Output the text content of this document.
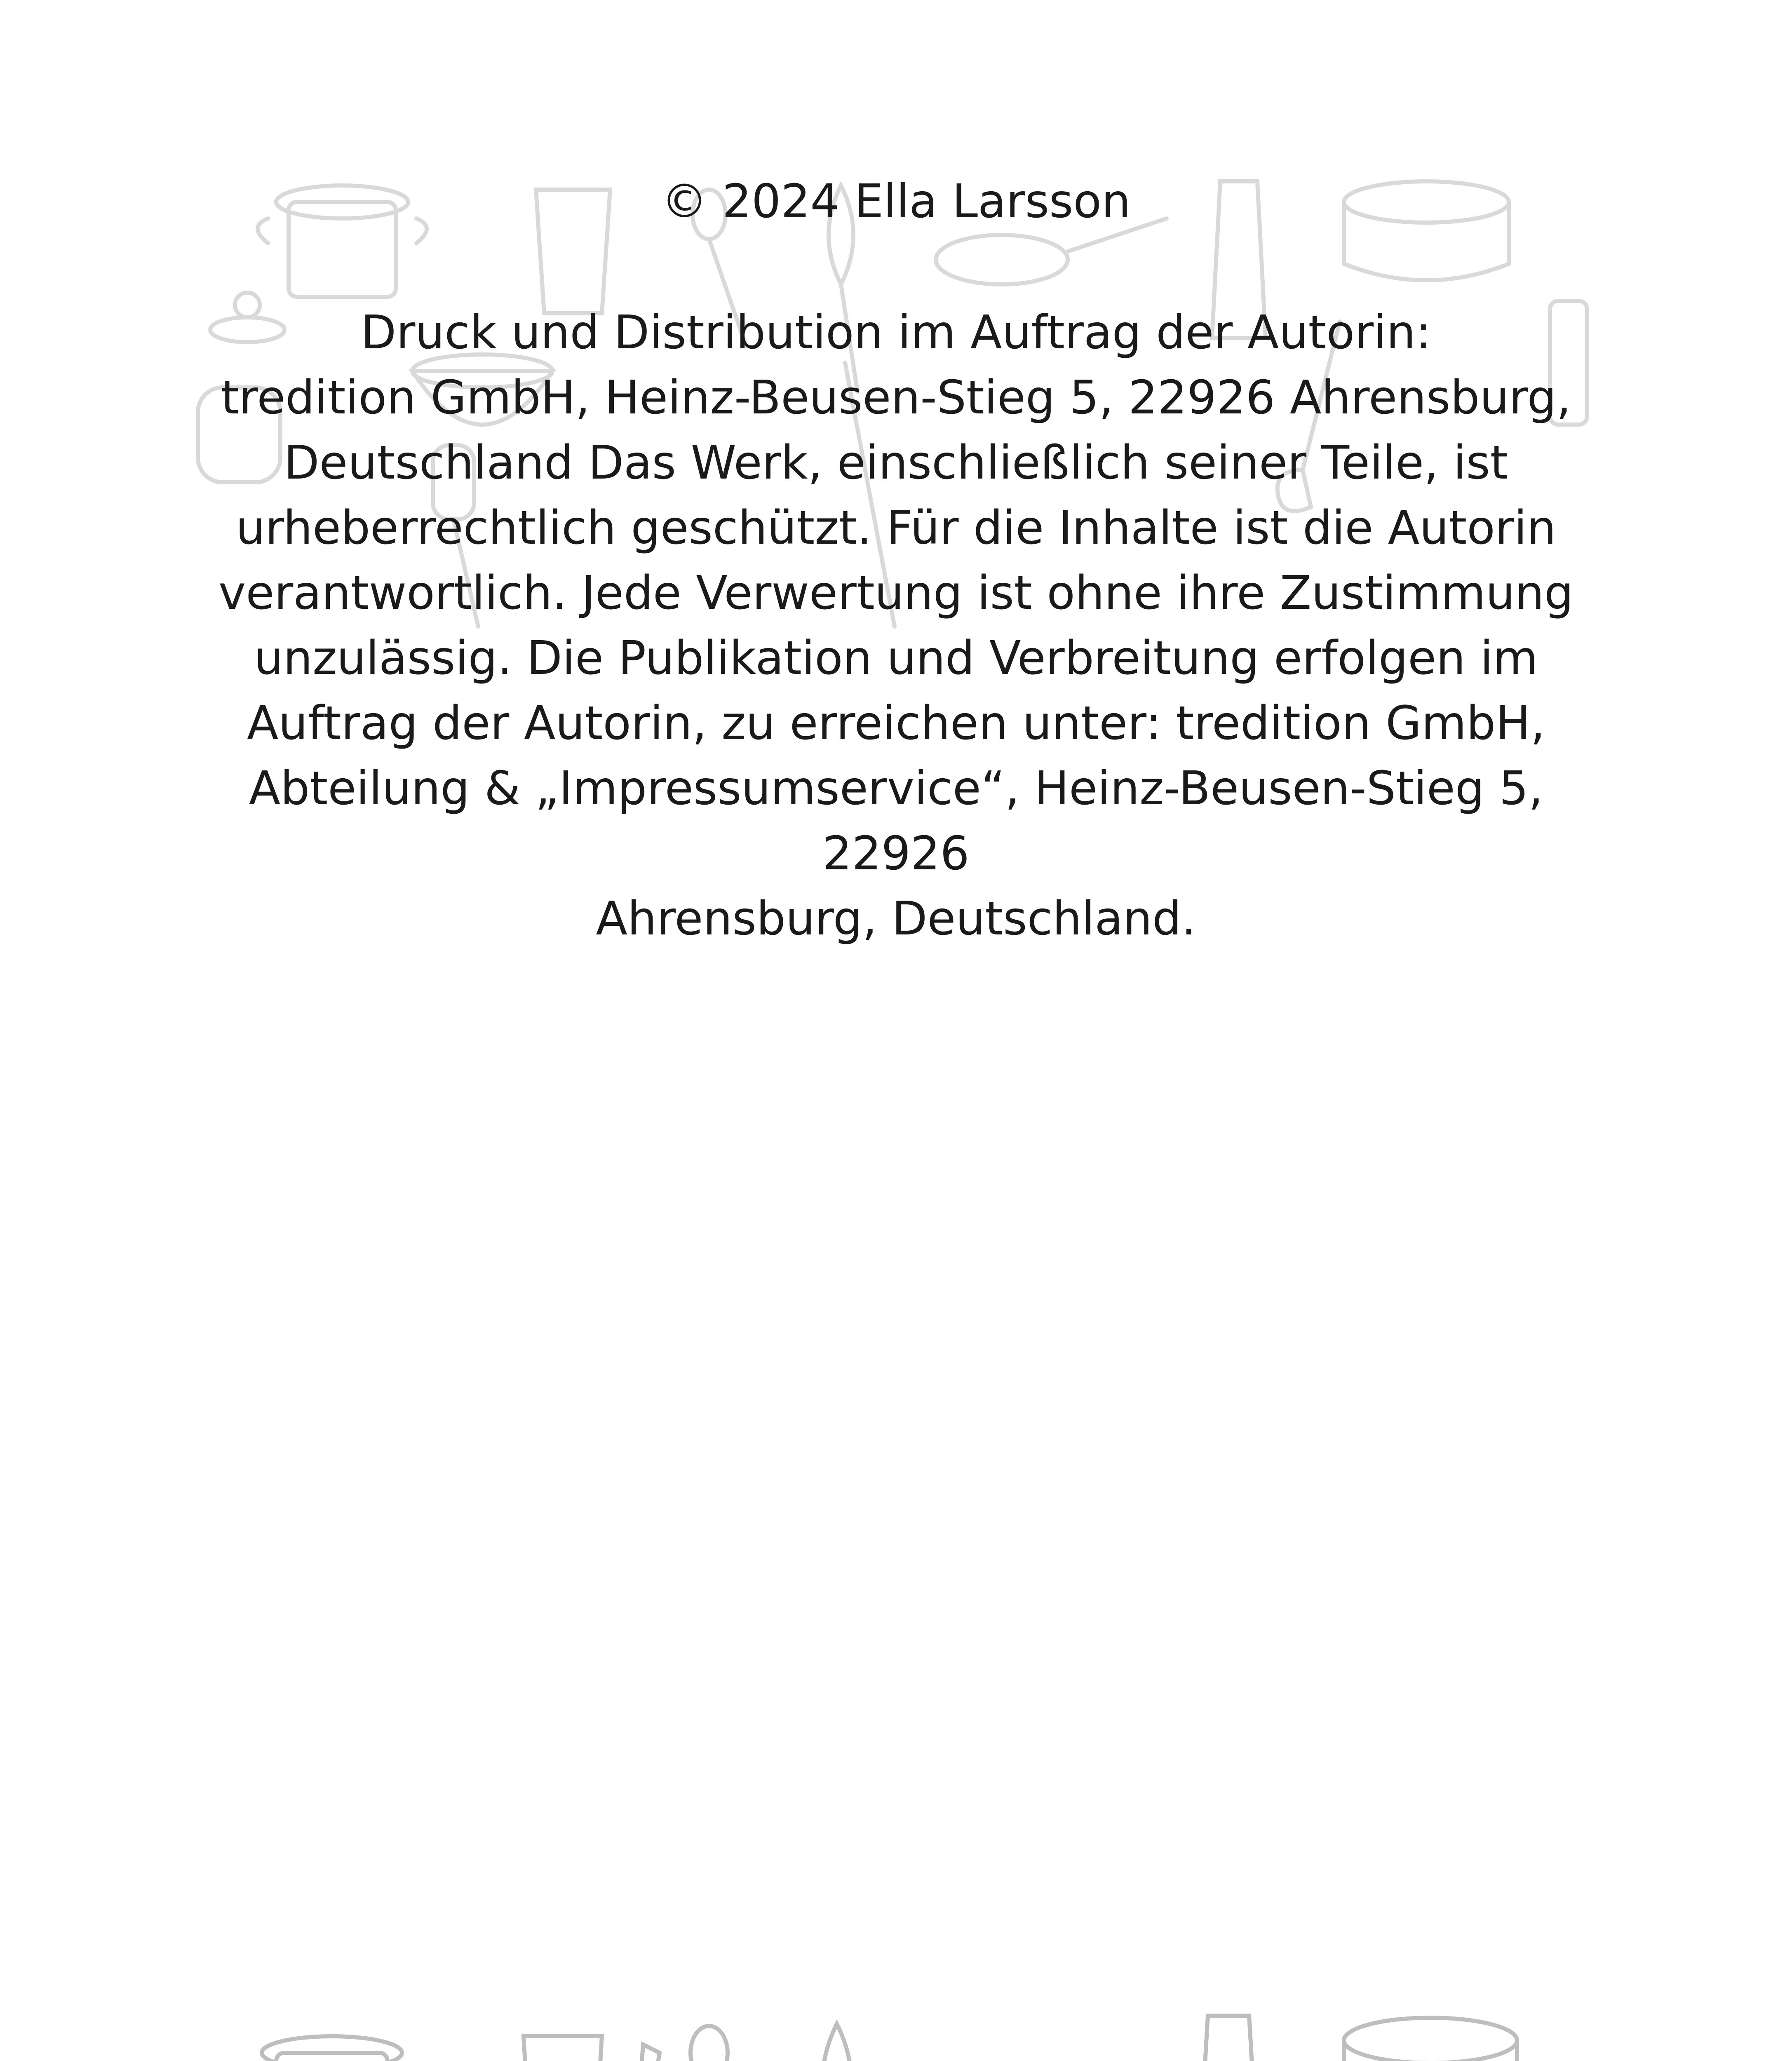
© 2024 Ella Larsson

Druck und Distribution im Auftrag der Autorin:
tredition GmbH, Heinz-Beusen-Stieg 5, 22926 Ahrensburg,
Deutschland Das Werk, einschließlich seiner Teile, ist
urheberrechtlich geschützt. Für die Inhalte ist die Autorin
verantwortlich. Jede Verwertung ist ohne ihre Zustimmung
unzulässig. Die Publikation und Verbreitung erfolgen im
Auftrag der Autorin, zu erreichen unter: tredition GmbH,
Abteilung & „Impressumservice“, Heinz-Beusen-Stieg 5, 22926
Ahrensburg, Deutschland.
